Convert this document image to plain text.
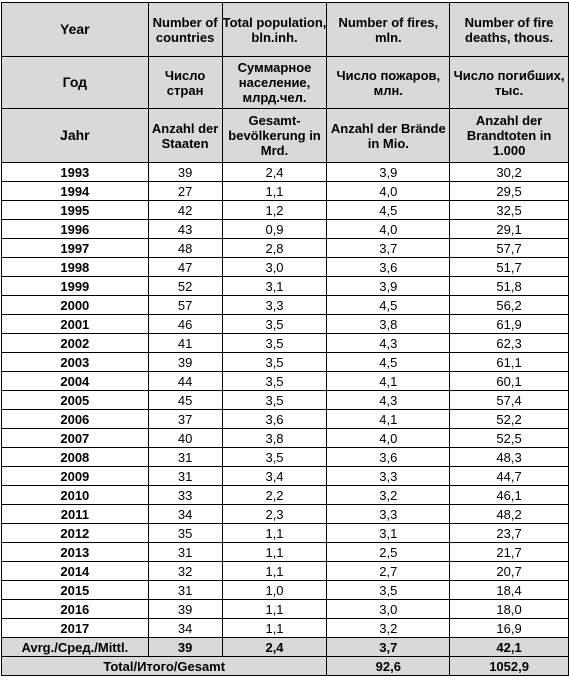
Year	Number of countries	Total population, bln.inh.	Number of fires, mln.	Number of fire deaths, thous.
Год	Число стран	Суммарное население, млрд.чел.	Число пожаров, млн.	Число погибших, тыс.
Jahr	Anzahl der Staaten	Gesamt-bevölkerung in Mrd.	Anzahl der Brände in Mio.	Anzahl der Brandtoten in 1.000
1993	39	2,4	3,9	30,2
1994	27	1,1	4,0	29,5
1995	42	1,2	4,5	32,5
1996	43	0,9	4,0	29,1
1997	48	2,8	3,7	57,7
1998	47	3,0	3,6	51,7
1999	52	3,1	3,9	51,8
2000	57	3,3	4,5	56,2
2001	46	3,5	3,8	61,9
2002	41	3,5	4,3	62,3
2003	39	3,5	4,5	61,1
2004	44	3,5	4,1	60,1
2005	45	3,5	4,3	57,4
2006	37	3,6	4,1	52,2
2007	40	3,8	4,0	52,5
2008	31	3,5	3,6	48,3
2009	31	3,4	3,3	44,7
2010	33	2,2	3,2	46,1
2011	34	2,3	3,3	48,2
2012	35	1,1	3,1	23,7
2013	31	1,1	2,5	21,7
2014	32	1,1	2,7	20,7
2015	31	1,0	3,5	18,4
2016	39	1,1	3,0	18,0
2017	34	1,1	3,2	16,9
Avrg./Сред./Mittl.	39	2,4	3,7	42,1
Total/Итого/Gesamt			92,6	1052,9
